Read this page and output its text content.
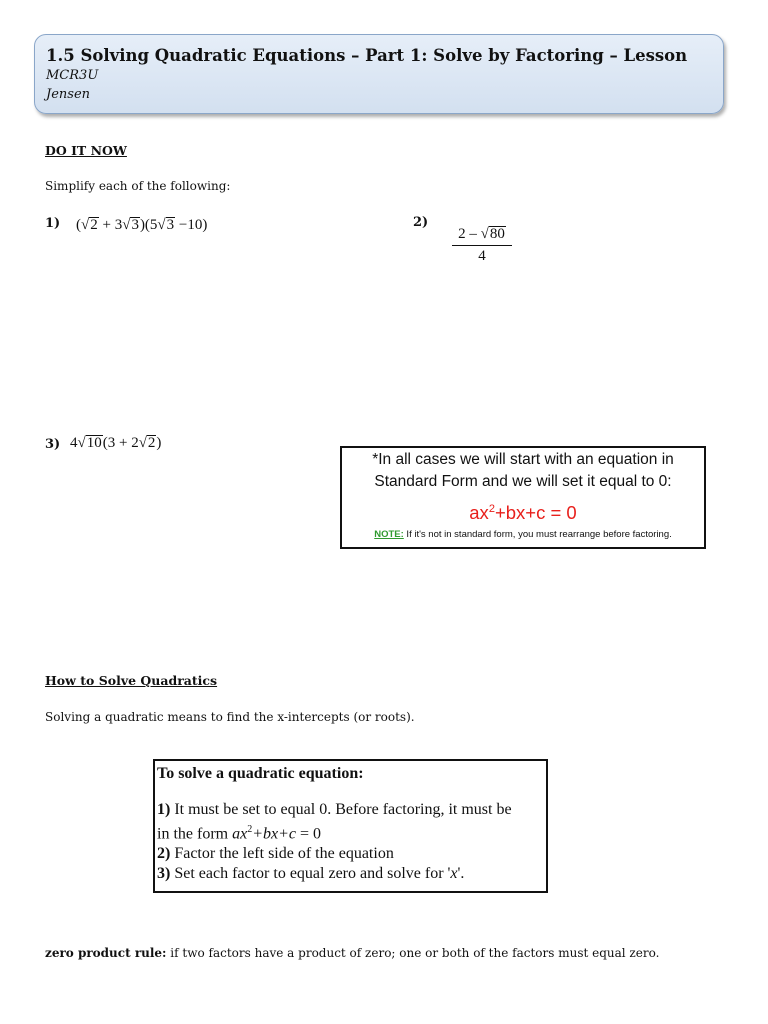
1.5 Solving Quadratic Equations – Part 1: Solve by Factoring – Lesson
MCR3U
Jensen
DO IT NOW
Simplify each of the following:
1) (√2 + 3√3)(5√3 −10)	2)
$\frac{2 - √80}{4}$
3) 4√10(3 + 2√2)
*In all cases we will start with an equation in
Standard Form and we will set it equal to 0:
$ax^2+bx+c = 0$
NOTE: If it's not in standard form, you must rearrange before factoring.
How to Solve Quadratics
Solving a quadratic means to find the x-intercepts (or roots).
To solve a quadratic equation:
1) It must be set to equal 0. Before factoring, it must be
in the form $ax^2+bx+c = 0$
2) Factor the left side of the equation
3) Set each factor to equal zero and solve for 'x'.
zero product rule: if two factors have a product of zero; one or both of the factors must equal zero.
